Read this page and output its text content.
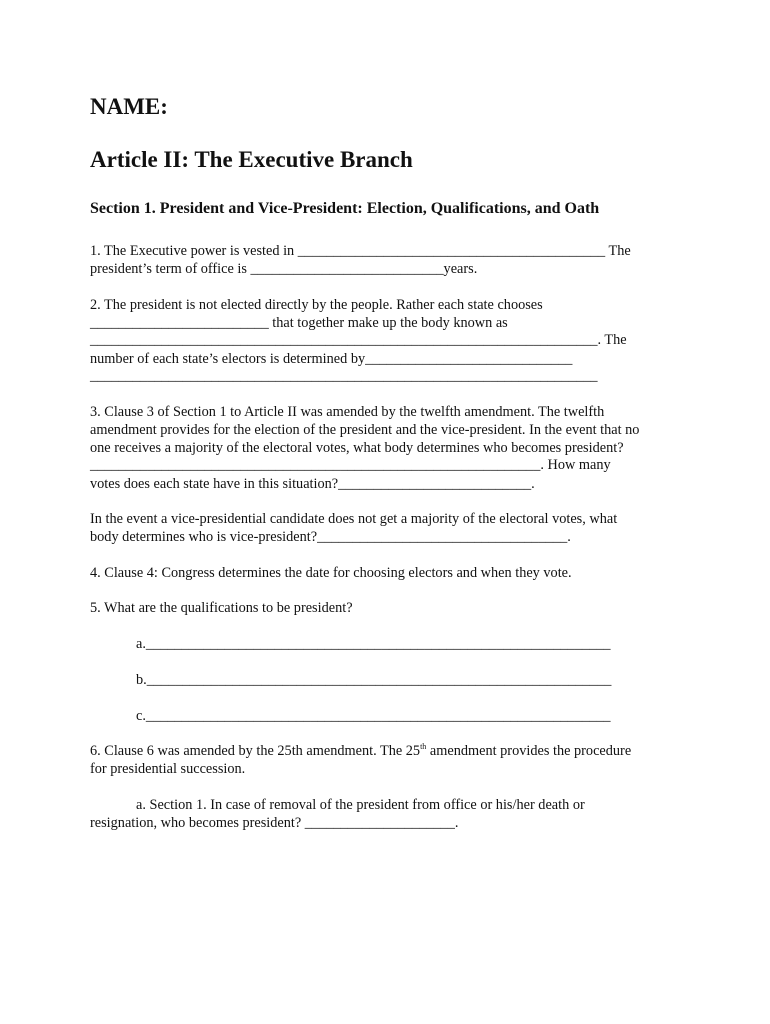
NAME:
Article II: The Executive Branch
Section 1. President and Vice-President: Election, Qualifications, and Oath

1. The Executive power is vested in ___________________________________________ The

president’s term of office is ___________________________years.

2. The president is not elected directly by the people. Rather each state chooses

_________________________ that together make up the body known as

_______________________________________________________________________. The

number of each state’s electors is determined by_____________________________

_______________________________________________________________________

3. Clause 3 of Section 1 to Article II was amended by the twelfth amendment. The twelfth

amendment provides for the election of the president and the vice-president. In the event that no

one receives a majority of the electoral votes, what body determines who becomes president?

_______________________________________________________________. How many

votes does each state have in this situation?___________________________.

In the event a vice-presidential candidate does not get a majority of the electoral votes, what

body determines who is vice-president?___________________________________.

4. Clause 4: Congress determines the date for choosing electors and when they vote.

5. What are the qualifications to be president?

a._________________________________________________________________

b._________________________________________________________________

c._________________________________________________________________

6. Clause 6 was amended by the 25th amendment. The 25th amendment provides the procedure

for presidential succession.

a. Section 1. In case of removal of the president from office or his/her death or

resignation, who becomes president? _____________________.
